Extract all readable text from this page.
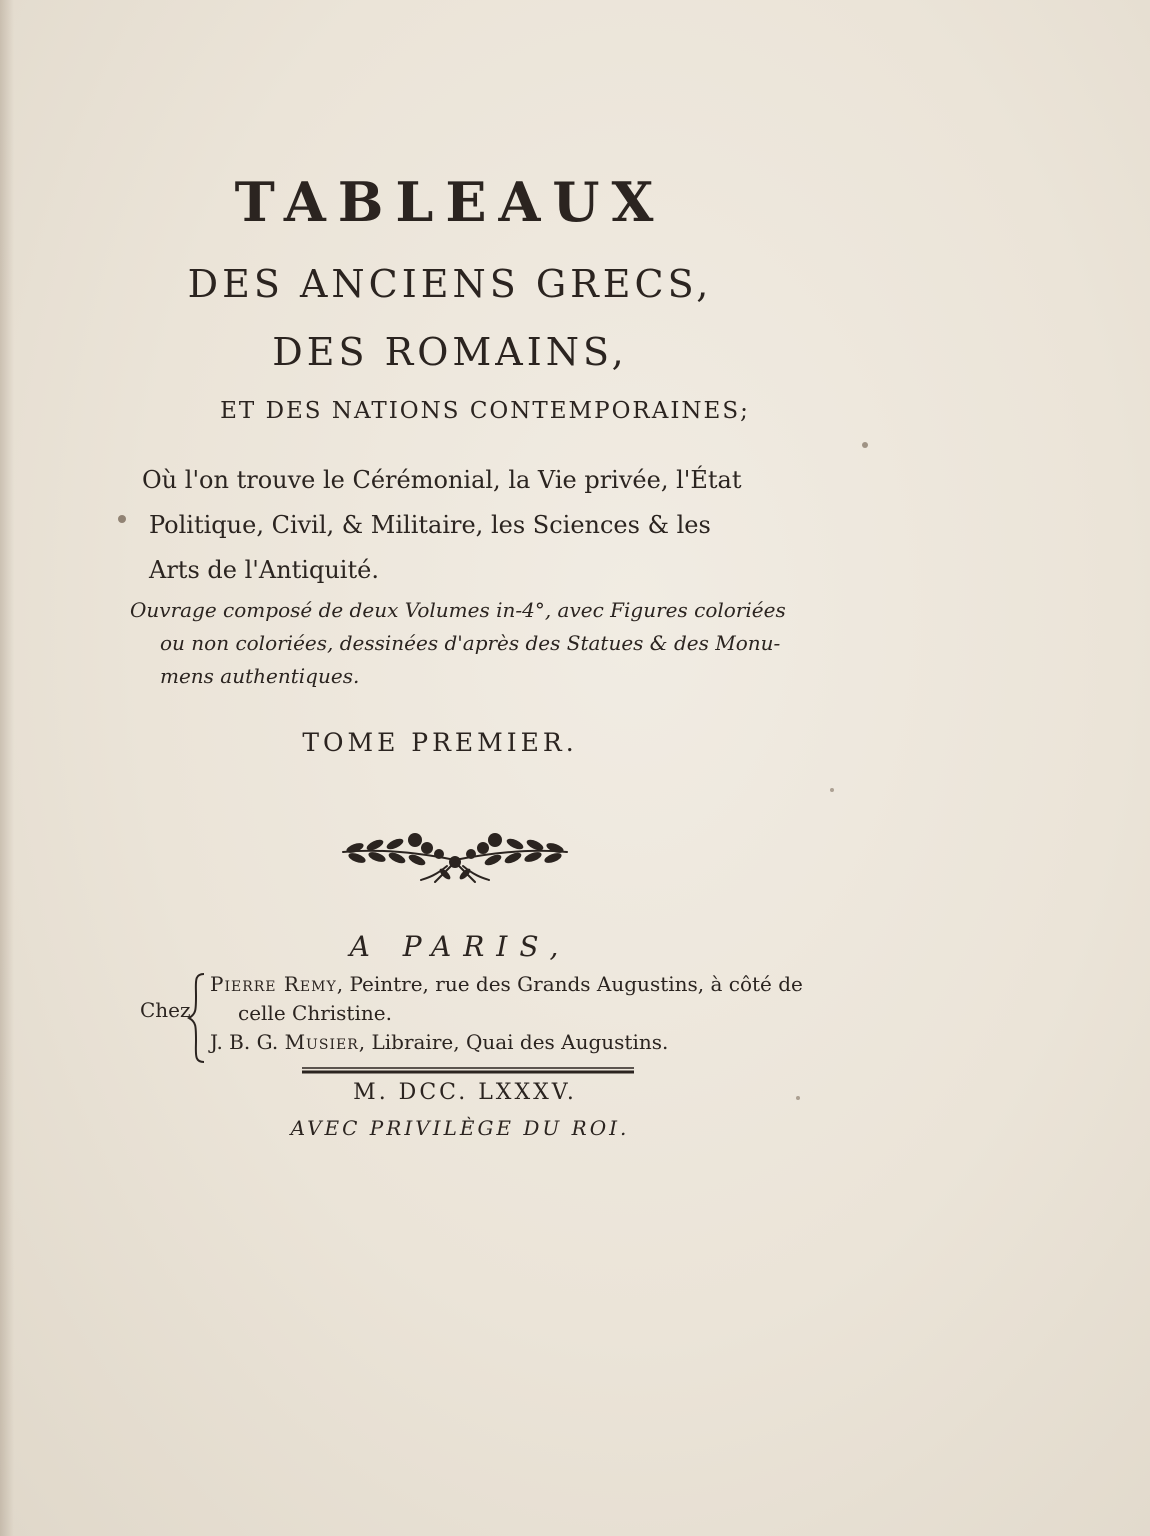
TABLEAUX
DES ANCIENS GRECS,
DES ROMAINS,
ET DES NATIONS CONTEMPORAINES;
Où l'on trouve le Cérémonial, la Vie privée, l'État
Politique, Civil, & Militaire, les Sciences & les
Arts de l'Antiquité.
Ouvrage composé de deux Volumes in-4°, avec Figures coloriées
ou non coloriées, dessinées d'après des Statues & des Monu-
mens authentiques.
TOME PREMIER.
A PARIS,
Chez
Pierre Remy, Peintre, rue des Grands Augustins, à côté de
celle Christine.
J. B. G. Musier, Libraire, Quai des Augustins.
M. DCC. LXXXV.
AVEC PRIVILÈGE DU ROI.
